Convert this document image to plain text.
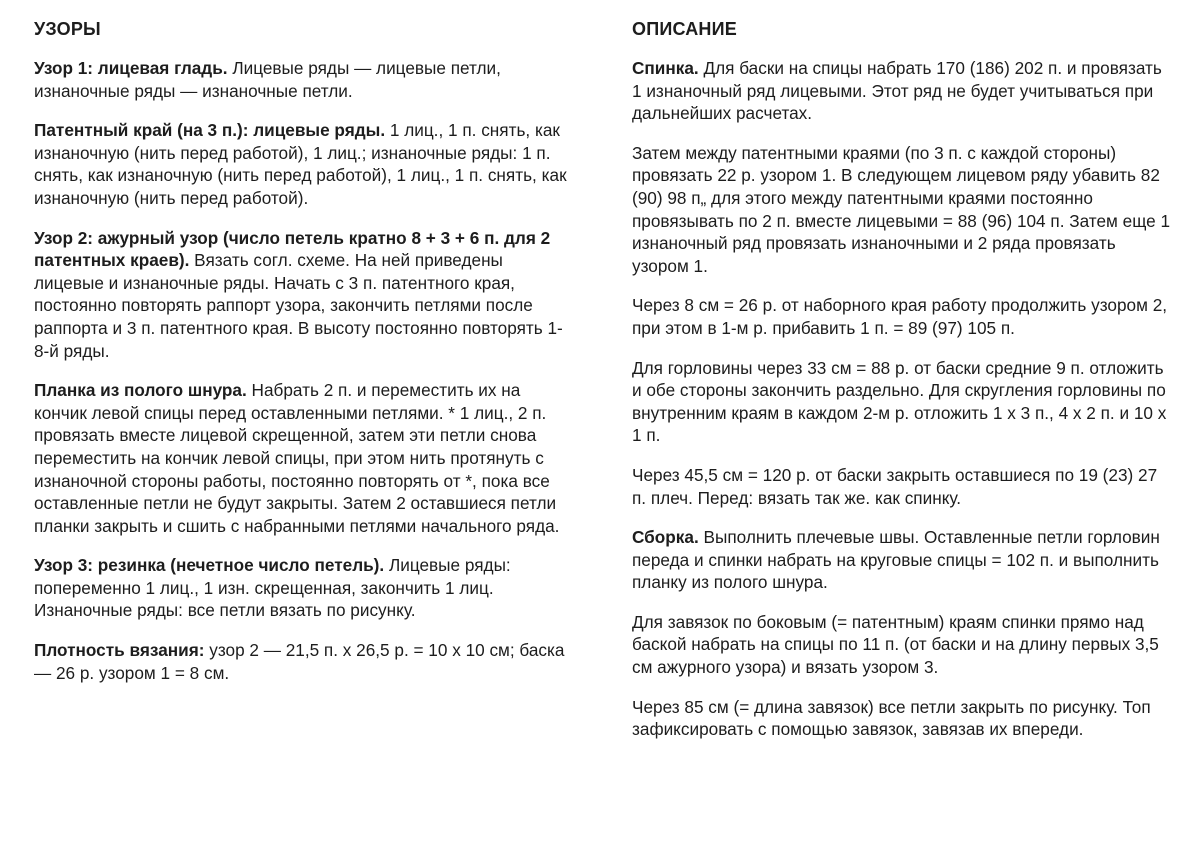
УЗОРЫ

Узор 1: лицевая гладь. Лицевые ряды — лицевые петли, изнаночные ряды — изнаночные петли.

Патентный край (на 3 п.): лицевые ряды. 1 лиц., 1 п. снять, как изнаночную (нить перед работой), 1 лиц.; изнаночные ряды: 1 п. снять, как изнаночную (нить перед работой), 1 лиц., 1 п. снять, как изнаночную (нить перед работой).

Узор 2: ажурный узор (число петель кратно 8 + 3 + 6 п. для 2 патентных краев). Вязать согл. схеме. На ней приведены лицевые и изнаночные ряды. Начать с 3 п. патентного края, постоянно повторять раппорт узора, закончить петлями после раппорта и 3 п. патентного края. В высоту постоянно повторять 1-8-й ряды.

Планка из полого шнура. Набрать 2 п. и переместить их на кончик левой спицы перед оставленными петлями. * 1 лиц., 2 п. провязать вместе лицевой скрещенной, затем эти петли снова переместить на кончик левой спицы, при этом нить протянуть с изнаночной стороны работы, постоянно повторять от *, пока все оставленные петли не будут закрыты. Затем 2 оставшиеся петли планки закрыть и сшить с набранными петлями начального ряда.

Узор 3: резинка (нечетное число петель). Лицевые ряды: попеременно 1 лиц., 1 изн. скрещенная, закончить 1 лиц. Изнаночные ряды: все петли вязать по рисунку.

Плотность вязания: узор 2 — 21,5 п. х 26,5 р. = 10 х 10 см; баска — 26 р. узором 1 = 8 см.

ОПИСАНИЕ

Спинка. Для баски на спицы набрать 170 (186) 202 п. и провязать 1 изнаночный ряд лицевыми. Этот ряд не будет учитываться при дальнейших расчетах.

Затем между патентными краями (по 3 п. с каждой стороны) провязать 22 р. узором 1. В следующем лицевом ряду убавить 82 (90) 98 п„ для этого между патентными краями постоянно провязывать по 2 п. вместе лицевыми = 88 (96) 104 п. Затем еще 1 изнаночный ряд провязать изнаночными и 2 ряда провязать узором 1.

Через 8 см = 26 р. от наборного края работу продолжить узором 2, при этом в 1-м р. прибавить 1 п. = 89 (97) 105 п.

Для горловины через 33 см = 88 р. от баски средние 9 п. отложить и обе стороны закончить раздельно. Для скругления горловины по внутренним краям в каждом 2-м р. отложить 1 х 3 п., 4 х 2 п. и 10 х 1 п.

Через 45,5 см = 120 р. от баски закрыть оставшиеся по 19 (23) 27 п. плеч. Перед: вязать так же. как спинку.

Сборка. Выполнить плечевые швы. Оставленные петли горловин переда и спинки набрать на круговые спицы = 102 п. и выполнить планку из полого шнура.

Для завязок по боковым (= патентным) краям спинки прямо над баской набрать на спицы по 11 п. (от баски и на длину первых 3,5 см ажурного узора) и вязать узором 3.

Через 85 см (= длина завязок) все петли закрыть по рисунку. Топ зафиксировать с помощью завязок, завязав их впереди.
